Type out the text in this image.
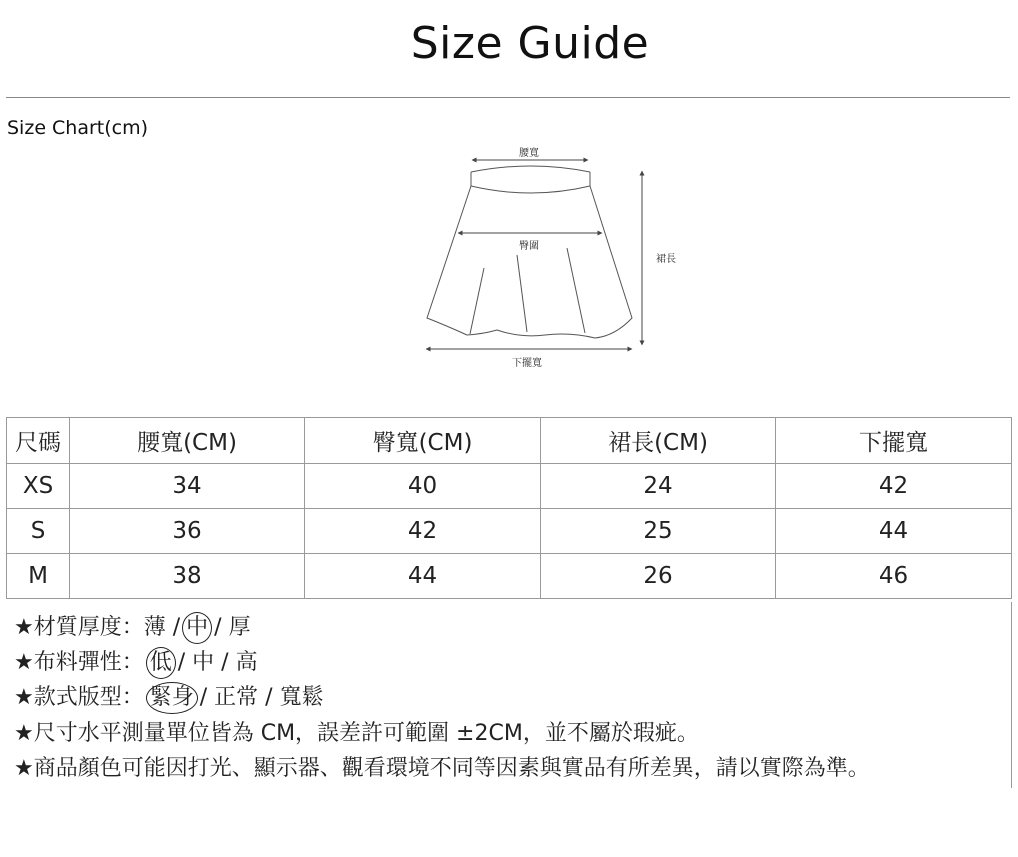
Size Guide
Size Chart(cm)
腰寬
臀圍
裙長
下擺寬
尺碼	腰寬(CM)	臀寬(CM)	裙長(CM)	下擺寬
XS	34	40	24	42
S	36	42	25	44
M	38	44	26	46
★材質厚度：薄 / 中 / 厚
★布料彈性： 低 / 中 / 高
★款式版型： 緊身 / 正常 / 寬鬆
★尺寸水平測量單位皆為 CM，誤差許可範圍 ±2CM，並不屬於瑕疵。
★商品顏色可能因打光、顯示器、觀看環境不同等因素與實品有所差異，請以實際為準。
